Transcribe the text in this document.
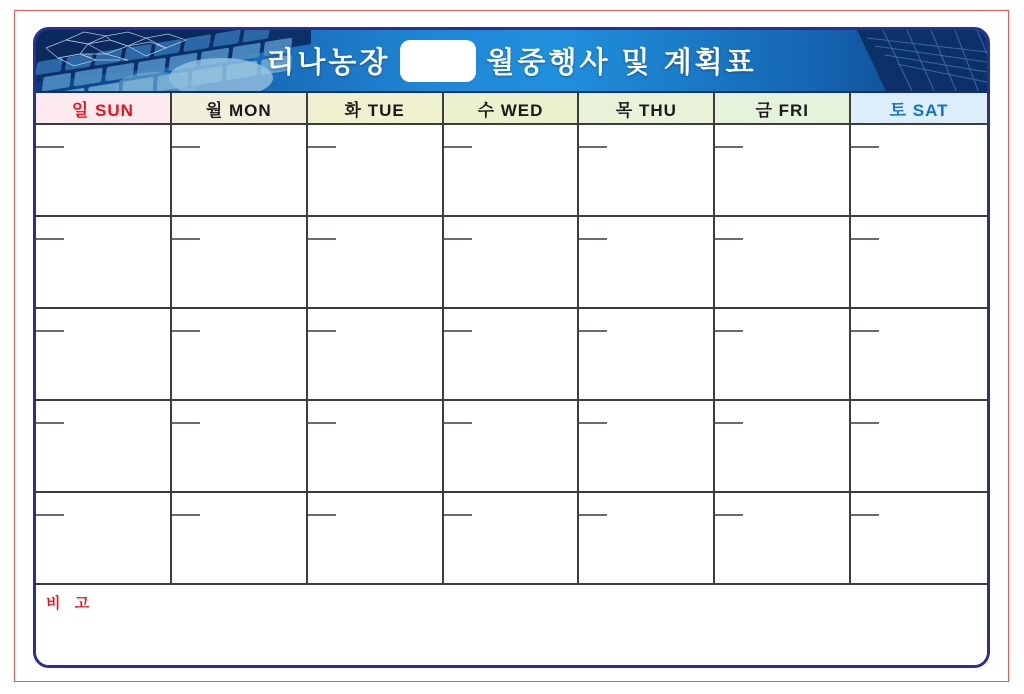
리나농장	월중행사 및 계획표
일 SUN	월 MON	화 TUE	수 WED	목 THU	금 FRI	토 SAT
비 고
